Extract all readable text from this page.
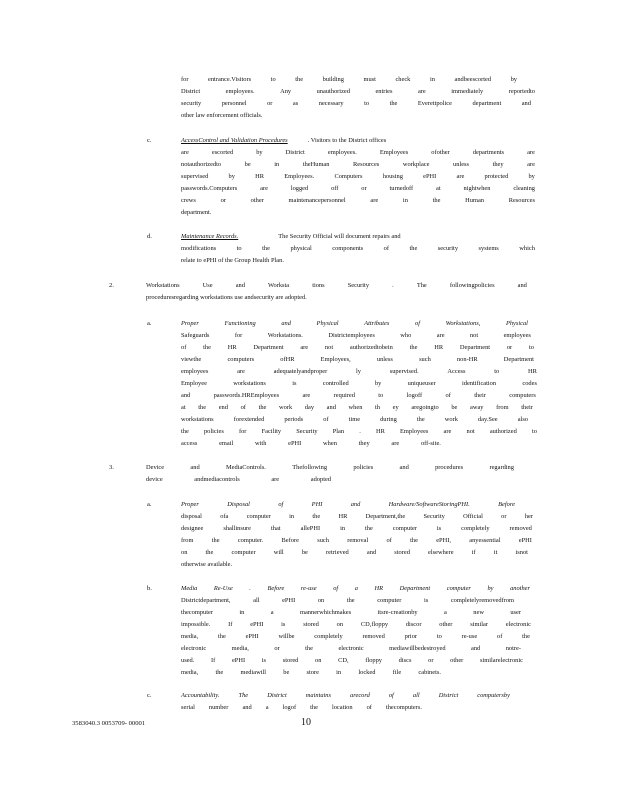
for	entrance.Visitors	to	the	building	must	check	in	andbeescorted	by
District	employees.	Any	unauthorized	entries	are	immediately	reportedto
security	personnel	or	as	necessary	to	the	Everettpolice	department	and
other law enforcement officials.
c.	AccessControl and Validation Procedures	. Visitors to the District offices
are	escorted	by	District	employees.	Employees	ofother	departments	are
notauthorizedto	be	in	theHuman	Resources	workplace	unless	they	are
supervised	by	HR	Employees.	Computers	housing	ePHI	are	protected	by
passwords.Computers	are	logged	off	or	turnedoff	at	nightwhen	cleaning
crews	or	other	maintenancepersonnel	are	in	the	Human	Resources
department.
d.	Maintenance Records.	The Security Official will document repairs and
modifications	to	the	physical	components	of	the	security	systems	which
relate to ePHI of the Group Health Plan.
2.	Workstations	Use	and	Worksta	tions	Security	.	The	followingpolicies	and
proceduresregarding workstations use andsecurity are adopted.
a.	Proper	Functioning	and	Physical	Attributes	of	Workstations,	Physical
Safeguards	for	Workstations.	Districtemployees	who	are	not	employees
of	the	HR	Department	are	not	authorizedtobein	the	HR	Department	or	to
viewthe	computers	ofHR	Employees,	unless	such	non-HR	Department
employees	are	adequatelyandproper	ly	supervised.	Access	to	HR
Employee	workstations	is	controlled	by	uniqueuser	identification	codes
and	passwords.HREmployees	are	required	to	logoff	of	their	computers
at the end of the work day and when th ey aregoingto be away from their
workstations	forextended	periods	of	time	during	the	work	day.See	also
the policies for Facility Security Plan . HR Employees are not authorized to
access	email	with	ePHI	when	they	are	off-site.
3.	Device	and	MediaControls.	Thefollowing	policies	and	procedures	regarding
device	andmediacontrols	are	adopted
a.	Proper	Disposal	of	PHI	and	Hardware/SoftwareStoringPHI.	Before
disposal	ofa	computer	in	the	HR	Department,the	Security	Official	or	her
designee	shallinsure	that	allePHI	in	the	computer	is	completely	removed
from	the	computer.	Before	such	removal	of	the	ePHI,	anyessential	ePHI
on	the	computer	will	be	retrieved	and	stored	elsewhere	if	it	isnot
otherwise available.
b.	Media	Re-Use	.	Before	re-use	of	a	HR	Department	computer	by	another
Districtdepartment,	all	ePHI	on	the	computer	is	completelyremovedfrom
thecomputer	in	a	mannerwhichmakes	itsre-creationby	a	new	user
impossible.	If	ePHI	is	stored	on	CD,floppy	discor	other	similar	electronic
media,	the	ePHI	willbe	completely	removed	prior	to	re-use	of	the
electronic	media,	or	the	electronic	mediawillbedestroyed	and	notre-
used.	If	ePHI	is	stored	on	CD,	floppy	discs	or	other	similarelectronic
media,	the	mediawill	be	store	in	locked	file	cabinets.
c.	Accountability.	The	District	maintains	arecord	of	all	District	computersby
serial number and a logof the location of thecomputers.
3583040.3 0053709- 00001	10
